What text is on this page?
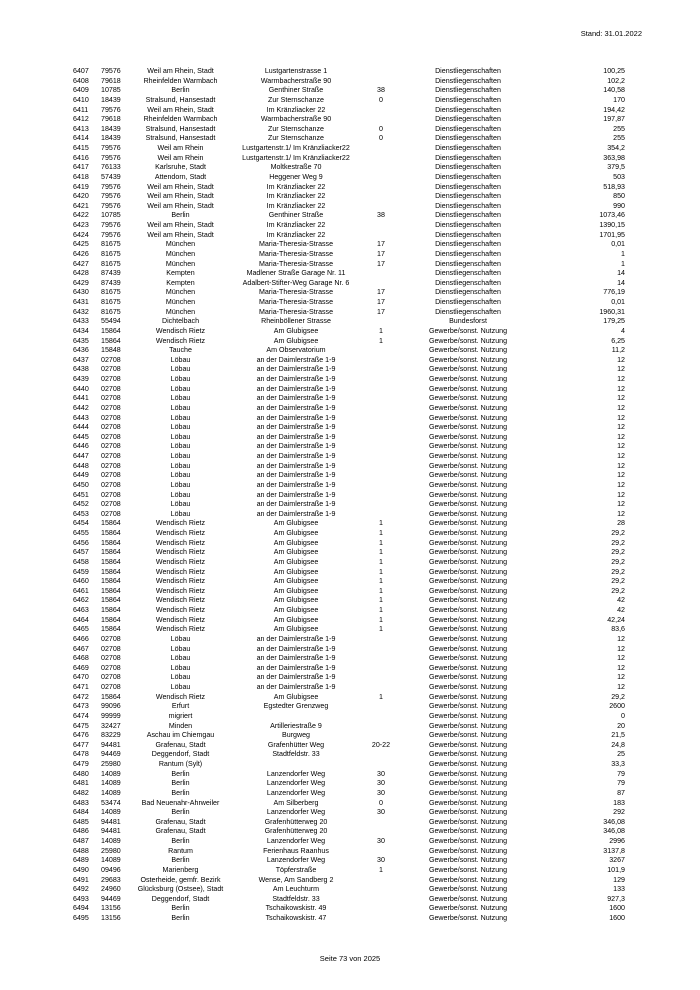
Stand: 31.01.2022
6407	79576	Weil am Rhein, Stadt	Lustgartenstrasse 1		Dienstliegenschaften	100,25
6408	79618	Rheinfelden Warmbach	Warmbacherstraße 90		Dienstliegenschaften	102,2
6409	10785	Berlin	Genthiner Straße	38	Dienstliegenschaften	140,58
6410	18439	Stralsund, Hansestadt	Zur Sternschanze	0	Dienstliegenschaften	170
6411	79576	Weil am Rhein, Stadt	Im Kränzliacker 22		Dienstliegenschaften	194,42
6412	79618	Rheinfelden Warmbach	Warmbacherstraße 90		Dienstliegenschaften	197,87
6413	18439	Stralsund, Hansestadt	Zur Sternschanze	0	Dienstliegenschaften	255
6414	18439	Stralsund, Hansestadt	Zur Sternschanze	0	Dienstliegenschaften	255
6415	79576	Weil am Rhein	Lustgartenstr.1/ Im Kränzliacker22		Dienstliegenschaften	354,2
6416	79576	Weil am Rhein	Lustgartenstr.1/ Im Kränzliacker22		Dienstliegenschaften	363,98
6417	76133	Karlsruhe, Stadt	Moltkestraße 70		Dienstliegenschaften	379,5
6418	57439	Attendorn, Stadt	Heggener Weg 9		Dienstliegenschaften	503
6419	79576	Weil am Rhein, Stadt	Im Kränzliacker 22		Dienstliegenschaften	518,93
6420	79576	Weil am Rhein, Stadt	Im Kränzliacker 22		Dienstliegenschaften	850
6421	79576	Weil am Rhein, Stadt	Im Kränzliacker 22		Dienstliegenschaften	990
6422	10785	Berlin	Genthiner Straße	38	Dienstliegenschaften	1073,46
6423	79576	Weil am Rhein, Stadt	Im Kränzliacker 22		Dienstliegenschaften	1390,15
6424	79576	Weil am Rhein, Stadt	Im Kränzliacker 22		Dienstliegenschaften	1701,95
6425	81675	München	Maria-Theresia-Strasse	17	Dienstliegenschaften	0,01
6426	81675	München	Maria-Theresia-Strasse	17	Dienstliegenschaften	1
6427	81675	München	Maria-Theresia-Strasse	17	Dienstliegenschaften	1
6428	87439	Kempten	Madlener Straße Garage Nr. 11		Dienstliegenschaften	14
6429	87439	Kempten	Adalbert-Stifter-Weg Garage Nr. 6		Dienstliegenschaften	14
6430	81675	München	Maria-Theresia-Strasse	17	Dienstliegenschaften	776,19
6431	81675	München	Maria-Theresia-Strasse	17	Dienstliegenschaften	0,01
6432	81675	München	Maria-Theresia-Strasse	17	Dienstliegenschaften	1960,31
6433	55494	Dichtelbach	Rheinböllener Strasse		Bundesforst	179,25
6434	15864	Wendisch Rietz	Am Glubigsee	1	Gewerbe/sonst. Nutzung	4
6435	15864	Wendisch Rietz	Am Glubigsee	1	Gewerbe/sonst. Nutzung	6,25
6436	15848	Tauche	Am Observatorium		Gewerbe/sonst. Nutzung	11,2
6437	02708	Löbau	an der Daimlerstraße 1-9		Gewerbe/sonst. Nutzung	12
6438	02708	Löbau	an der Daimlerstraße 1-9		Gewerbe/sonst. Nutzung	12
6439	02708	Löbau	an der Daimlerstraße 1-9		Gewerbe/sonst. Nutzung	12
6440	02708	Löbau	an der Daimlerstraße 1-9		Gewerbe/sonst. Nutzung	12
6441	02708	Löbau	an der Daimlerstraße 1-9		Gewerbe/sonst. Nutzung	12
6442	02708	Löbau	an der Daimlerstraße 1-9		Gewerbe/sonst. Nutzung	12
6443	02708	Löbau	an der Daimlerstraße 1-9		Gewerbe/sonst. Nutzung	12
6444	02708	Löbau	an der Daimlerstraße 1-9		Gewerbe/sonst. Nutzung	12
6445	02708	Löbau	an der Daimlerstraße 1-9		Gewerbe/sonst. Nutzung	12
6446	02708	Löbau	an der Daimlerstraße 1-9		Gewerbe/sonst. Nutzung	12
6447	02708	Löbau	an der Daimlerstraße 1-9		Gewerbe/sonst. Nutzung	12
6448	02708	Löbau	an der Daimlerstraße 1-9		Gewerbe/sonst. Nutzung	12
6449	02708	Löbau	an der Daimlerstraße 1-9		Gewerbe/sonst. Nutzung	12
6450	02708	Löbau	an der Daimlerstraße 1-9		Gewerbe/sonst. Nutzung	12
6451	02708	Löbau	an der Daimlerstraße 1-9		Gewerbe/sonst. Nutzung	12
6452	02708	Löbau	an der Daimlerstraße 1-9		Gewerbe/sonst. Nutzung	12
6453	02708	Löbau	an der Daimlerstraße 1-9		Gewerbe/sonst. Nutzung	12
6454	15864	Wendisch Rietz	Am Glubigsee	1	Gewerbe/sonst. Nutzung	28
6455	15864	Wendisch Rietz	Am Glubigsee	1	Gewerbe/sonst. Nutzung	29,2
6456	15864	Wendisch Rietz	Am Glubigsee	1	Gewerbe/sonst. Nutzung	29,2
6457	15864	Wendisch Rietz	Am Glubigsee	1	Gewerbe/sonst. Nutzung	29,2
6458	15864	Wendisch Rietz	Am Glubigsee	1	Gewerbe/sonst. Nutzung	29,2
6459	15864	Wendisch Rietz	Am Glubigsee	1	Gewerbe/sonst. Nutzung	29,2
6460	15864	Wendisch Rietz	Am Glubigsee	1	Gewerbe/sonst. Nutzung	29,2
6461	15864	Wendisch Rietz	Am Glubigsee	1	Gewerbe/sonst. Nutzung	29,2
6462	15864	Wendisch Rietz	Am Glubigsee	1	Gewerbe/sonst. Nutzung	42
6463	15864	Wendisch Rietz	Am Glubigsee	1	Gewerbe/sonst. Nutzung	42
6464	15864	Wendisch Rietz	Am Glubigsee	1	Gewerbe/sonst. Nutzung	42,24
6465	15864	Wendisch Rietz	Am Glubigsee	1	Gewerbe/sonst. Nutzung	83,6
6466	02708	Löbau	an der Daimlerstraße 1-9		Gewerbe/sonst. Nutzung	12
6467	02708	Löbau	an der Daimlerstraße 1-9		Gewerbe/sonst. Nutzung	12
6468	02708	Löbau	an der Daimlerstraße 1-9		Gewerbe/sonst. Nutzung	12
6469	02708	Löbau	an der Daimlerstraße 1-9		Gewerbe/sonst. Nutzung	12
6470	02708	Löbau	an der Daimlerstraße 1-9		Gewerbe/sonst. Nutzung	12
6471	02708	Löbau	an der Daimlerstraße 1-9		Gewerbe/sonst. Nutzung	12
6472	15864	Wendisch Rietz	Am Glubigsee	1	Gewerbe/sonst. Nutzung	29,2
6473	99096	Erfurt	Egstedter Grenzweg		Gewerbe/sonst. Nutzung	2600
6474	99999	migriert			Gewerbe/sonst. Nutzung	0
6475	32427	Minden	Artilleriestraße 9		Gewerbe/sonst. Nutzung	20
6476	83229	Aschau im Chiemgau	Burgweg		Gewerbe/sonst. Nutzung	21,5
6477	94481	Grafenau, Stadt	Grafenhütter Weg	20-22	Gewerbe/sonst. Nutzung	24,8
6478	94469	Deggendorf, Stadt	Stadtfeldstr. 33		Gewerbe/sonst. Nutzung	25
6479	25980	Rantum (Sylt)			Gewerbe/sonst. Nutzung	33,3
6480	14089	Berlin	Lanzendorfer Weg	30	Gewerbe/sonst. Nutzung	79
6481	14089	Berlin	Lanzendorfer Weg	30	Gewerbe/sonst. Nutzung	79
6482	14089	Berlin	Lanzendorfer Weg	30	Gewerbe/sonst. Nutzung	87
6483	53474	Bad Neuenahr-Ahrweiler	Am Silberberg	0	Gewerbe/sonst. Nutzung	183
6484	14089	Berlin	Lanzendorfer Weg	30	Gewerbe/sonst. Nutzung	292
6485	94481	Grafenau, Stadt	Grafenhütterweg 20		Gewerbe/sonst. Nutzung	346,08
6486	94481	Grafenau, Stadt	Grafenhütterweg 20		Gewerbe/sonst. Nutzung	346,08
6487	14089	Berlin	Lanzendorfer Weg	30	Gewerbe/sonst. Nutzung	2996
6488	25980	Rantum	Ferienhaus Raanhus		Gewerbe/sonst. Nutzung	3137,8
6489	14089	Berlin	Lanzendorfer Weg	30	Gewerbe/sonst. Nutzung	3267
6490	09496	Marienberg	Töpferstraße	1	Gewerbe/sonst. Nutzung	101,9
6491	29683	Osterheide, gemfr. Bezirk	Wense, Am Sandberg 2		Gewerbe/sonst. Nutzung	129
6492	24960	Glücksburg (Ostsee), Stadt	Am Leuchturm		Gewerbe/sonst. Nutzung	133
6493	94469	Deggendorf, Stadt	Stadtfeldstr. 33		Gewerbe/sonst. Nutzung	927,3
6494	13156	Berlin	Tschaikowskistr. 49		Gewerbe/sonst. Nutzung	1600
6495	13156	Berlin	Tschaikowskistr. 47		Gewerbe/sonst. Nutzung	1600
Seite 73 von 2025
